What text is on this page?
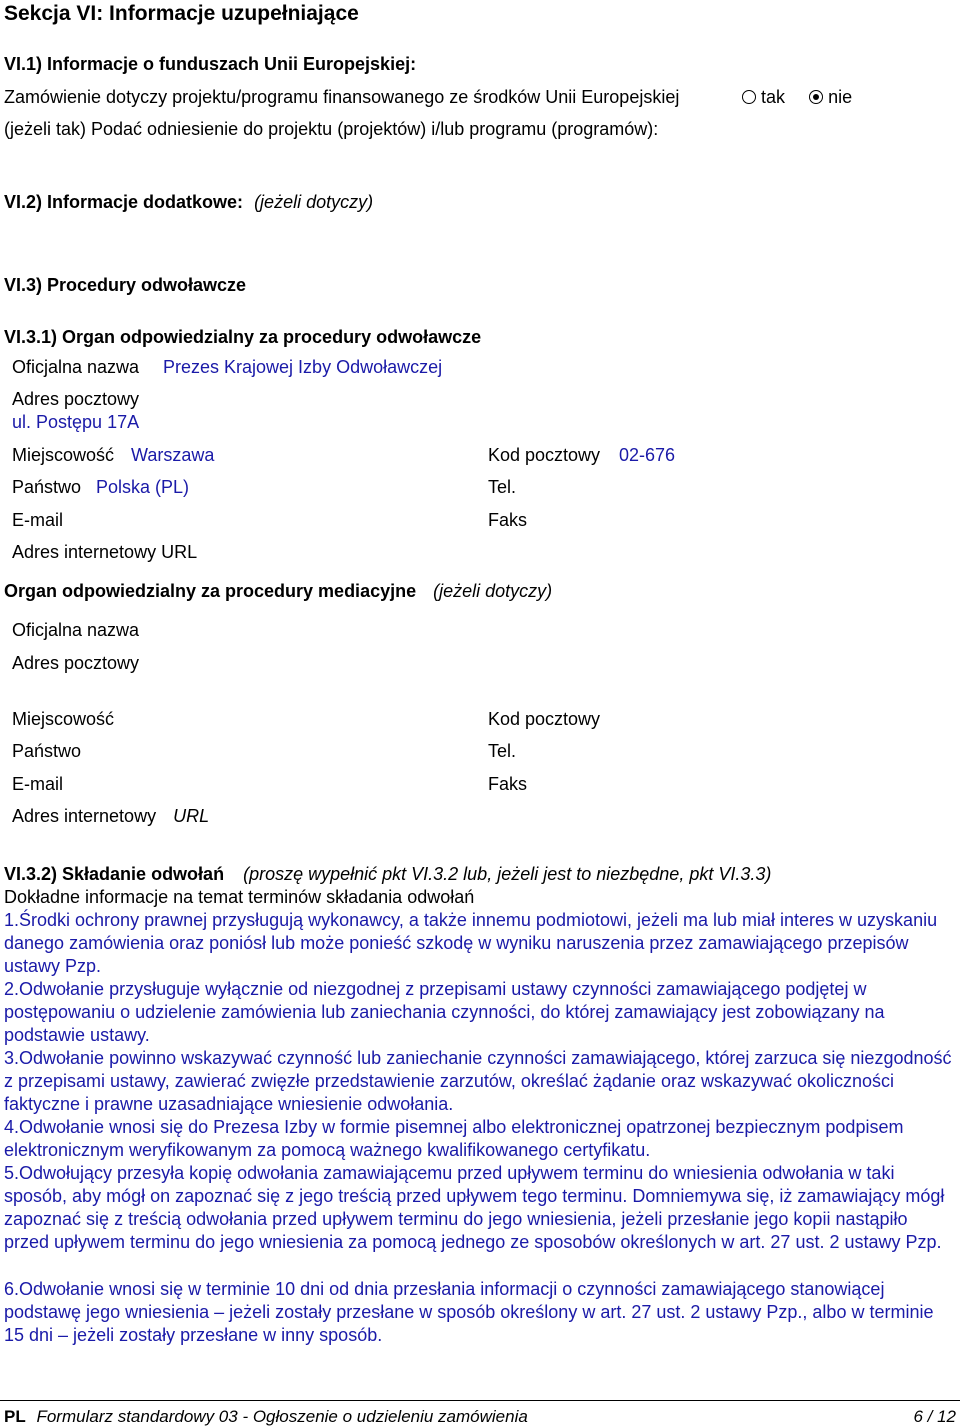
Sekcja VI: Informacje uzupełniające
VI.1) Informacje o funduszach Unii Europejskiej:
Zamówienie dotyczy projektu/programu finansowanego ze środków Unii Europejskiej	tak nie
(jeżeli tak) Podać odniesienie do projektu (projektów) i/lub programu (programów):
VI.2) Informacje dodatkowe: (jeżeli dotyczy)
VI.3) Procedury odwoławcze
VI.3.1) Organ odpowiedzialny za procedury odwoławcze
Oficjalna nazwa Prezes Krajowej Izby Odwoławczej
Adres pocztowy
ul. Postępu 17A
Miejscowość Warszawa	Kod pocztowy 02-676
Państwo Polska (PL)	Tel.
E-mail	Faks
Adres internetowy URL
Organ odpowiedzialny za procedury mediacyjne (jeżeli dotyczy)
Oficjalna nazwa
Adres pocztowy
Miejscowość	Kod pocztowy
Państwo	Tel.
E-mail	Faks
Adres internetowy URL
VI.3.2) Składanie odwołań (proszę wypełnić pkt VI.3.2 lub, jeżeli jest to niezbędne, pkt VI.3.3)
Dokładne informacje na temat terminów składania odwołań
1.Środki ochrony prawnej przysługują wykonawcy, a także innemu podmiotowi, jeżeli ma lub miał interes w uzyskaniu danego zamówienia oraz poniósł lub może ponieść szkodę w wyniku naruszenia przez zamawiającego przepisów ustawy Pzp.
2.Odwołanie przysługuje wyłącznie od niezgodnej z przepisami ustawy czynności zamawiającego podjętej w postępowaniu o udzielenie zamówienia lub zaniechania czynności, do której zamawiający jest zobowiązany na podstawie ustawy.
3.Odwołanie powinno wskazywać czynność lub zaniechanie czynności zamawiającego, której zarzuca się niezgodność z przepisami ustawy, zawierać zwięzłe przedstawienie zarzutów, określać żądanie oraz wskazywać okoliczności faktyczne i prawne uzasadniające wniesienie odwołania.
4.Odwołanie wnosi się do Prezesa Izby w formie pisemnej albo elektronicznej opatrzonej bezpiecznym podpisem elektronicznym weryfikowanym za pomocą ważnego kwalifikowanego certyfikatu.
5.Odwołujący przesyła kopię odwołania zamawiającemu przed upływem terminu do wniesienia odwołania w taki sposób, aby mógł on zapoznać się z jego treścią przed upływem tego terminu. Domniemywa się, iż zamawiający mógł zapoznać się z treścią odwołania przed upływem terminu do jego wniesienia, jeżeli przesłanie jego kopii nastąpiło przed upływem terminu do jego wniesienia za pomocą jednego ze sposobów określonych w art. 27 ust. 2 ustawy Pzp.
6.Odwołanie wnosi się w terminie 10 dni od dnia przesłania informacji o czynności zamawiającego stanowiącej podstawę jego wniesienia – jeżeli zostały przesłane w sposób określony w art. 27 ust. 2 ustawy Pzp., albo w terminie 15 dni – jeżeli zostały przesłane w inny sposób.
PL Formularz standardowy 03 - Ogłoszenie o udzieleniu zamówienia	6 / 12
